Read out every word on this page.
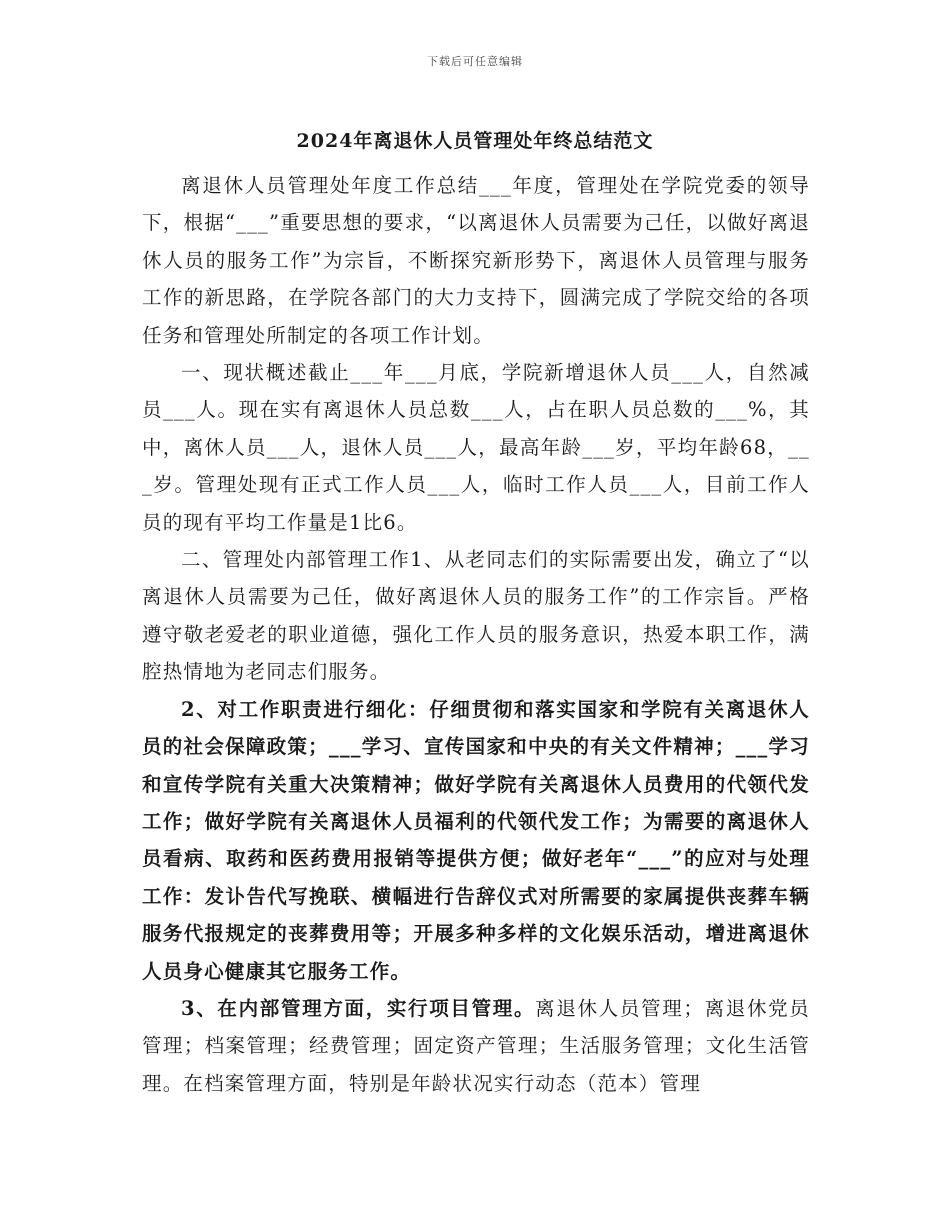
下载后可任意编辑
2024年离退休人员管理处年终总结范文

离退休人员管理处年度工作总结___年度，管理处在学院党委的领导下，根据“___”重要思想的要求，“以离退休人员需要为己任，以做好离退休人员的服务工作”为宗旨，不断探究新形势下，离退休人员管理与服务工作的新思路，在学院各部门的大力支持下，圆满完成了学院交给的各项任务和管理处所制定的各项工作计划。

一、现状概述截止___年___月底，学院新增退休人员___人，自然减员___人。现在实有离退休人员总数___人，占在职人员总数的___%，其中，离休人员___人，退休人员___人，最高年龄___岁，平均年龄68，___岁。管理处现有正式工作人员___人，临时工作人员___人，目前工作人员的现有平均工作量是1比6。

二、管理处内部管理工作1、从老同志们的实际需要出发，确立了“以离退休人员需要为己任，做好离退休人员的服务工作”的工作宗旨。严格遵守敬老爱老的职业道德，强化工作人员的服务意识，热爱本职工作，满腔热情地为老同志们服务。

2、对工作职责进行细化：仔细贯彻和落实国家和学院有关离退休人员的社会保障政策；___学习、宣传国家和中央的有关文件精神；___学习和宣传学院有关重大决策精神；做好学院有关离退休人员费用的代领代发工作；做好学院有关离退休人员福利的代领代发工作；为需要的离退休人员看病、取药和医药费用报销等提供方便；做好老年“___”的应对与处理工作：发讣告代写挽联、横幅进行告辞仪式对所需要的家属提供丧葬车辆服务代报规定的丧葬费用等；开展多种多样的文化娱乐活动，增进离退休人员身心健康其它服务工作。

3、在内部管理方面，实行项目管理。离退休人员管理；离退休党员管理；档案管理；经费管理；固定资产管理；生活服务管理；文化生活管理。在档案管理方面，特别是年龄状况实行动态（范本）管理
